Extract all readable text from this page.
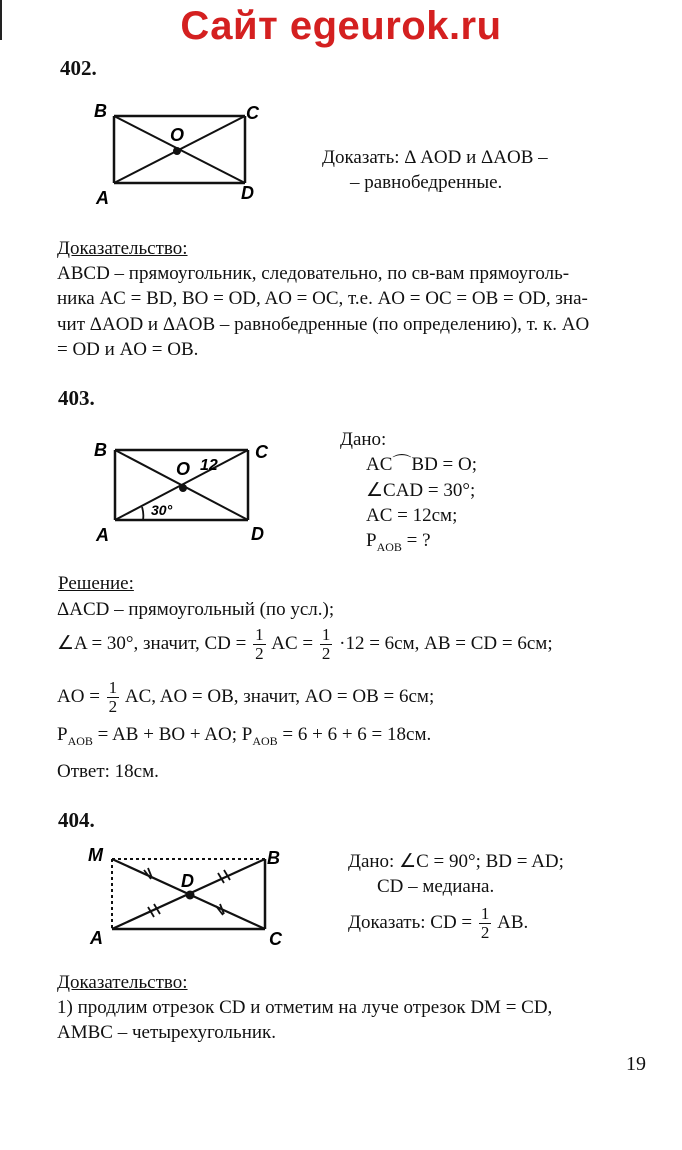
Сайт egeurok.ru
402.
B	C
O
A	D
Доказать: Δ AOD и ΔAOB –
– равнобедренные.
Доказательство:
ABCD – прямоугольник, следовательно, по св-вам прямоуголь-
ника AC = BD, BO = OD, AO = OC, т.е. AO = OC = OB = OD, зна-
чит ΔAOD и ΔAOB – равнобедренные (по определению), т. к. AO
= OD и AO = OB.
403.
B	C
O 12
30°
A	D
Дано:
AC⌒BD = O;
∠CAD = 30°;
AC = 12см;
$P_{AOB}$ = ?
Решение:
ΔACD – прямоугольный (по усл.);
∠A = 30°, значит, CD = $\frac{1}{2}$ AC = $\frac{1}{2} \cdot 12 = 6см$, AB = CD = 6см;
AO = $\frac{1}{2}$ AC, AO = OB, значит, AO = OB = 6см;
$P_{AOB}$ = AB + BO + AO; $P_{AOB} = 6 + 6 + 6 = 18см$.
Ответ: 18см.
404.
M	B
D
A	C
Дано: ∠C = 90°; BD = AD;
CD – медиана.
Доказать: CD = $\frac{1}{2}$ AB.
Доказательство:
1) продлим отрезок CD и отметим на луче отрезок DM = CD,
AMBC – четырехугольник.
19
